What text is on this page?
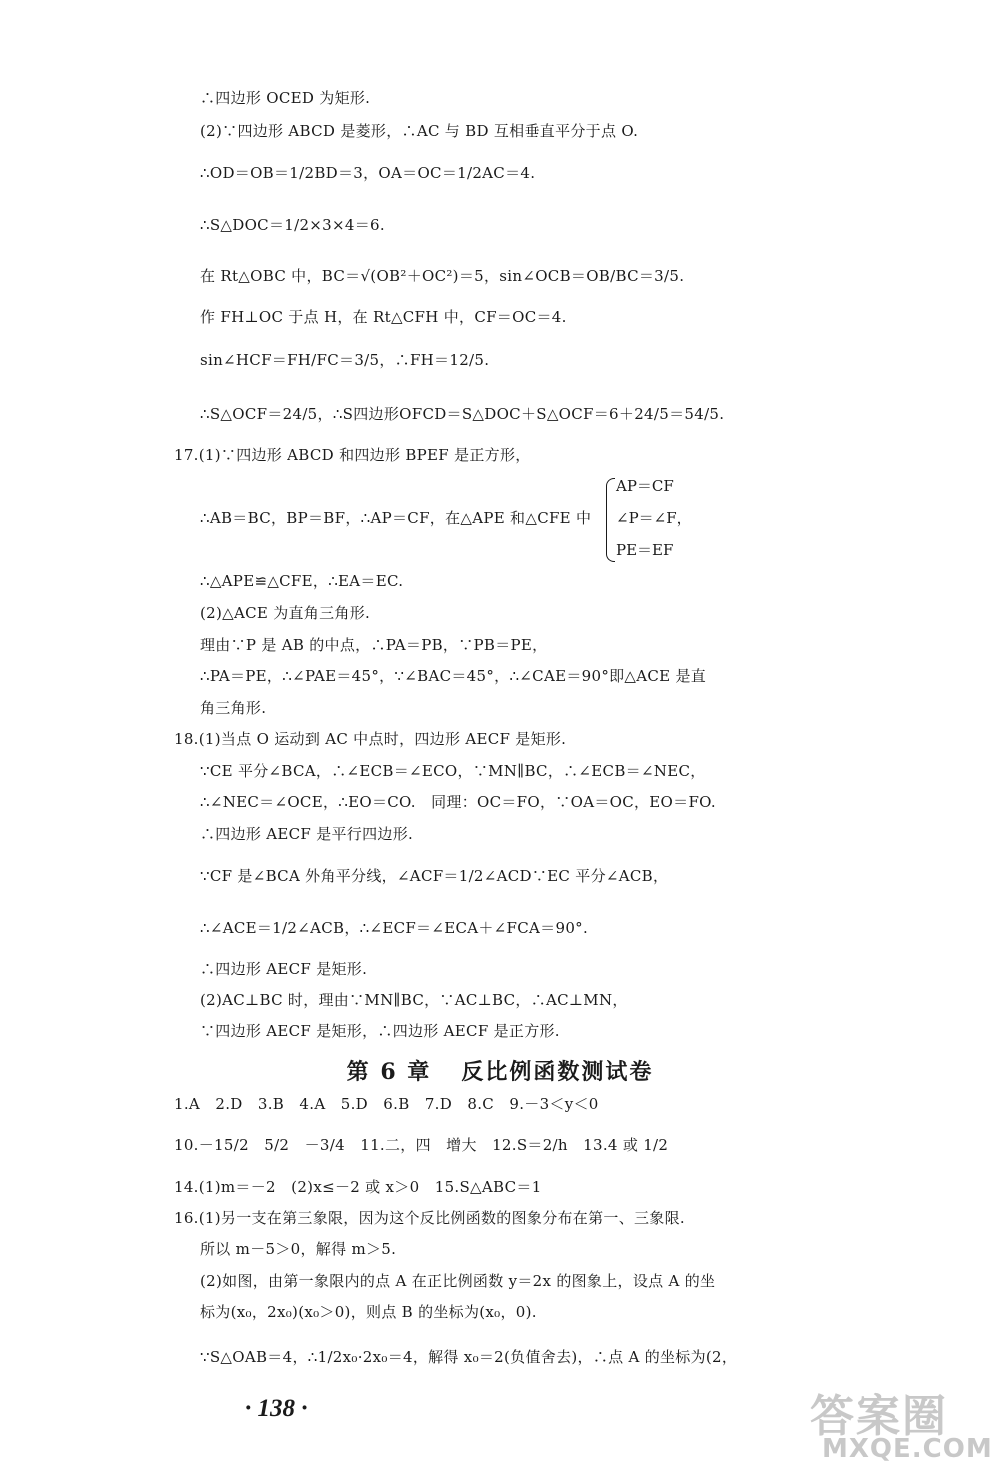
∴四边形 OCED 为矩形.
(2)∵四边形 ABCD 是菱形，∴AC 与 BD 互相垂直平分于点 O.
∴OD＝OB＝1/2BD＝3，OA＝OC＝1/2AC＝4.
∴S△DOC＝1/2×3×4＝6.
在 Rt△OBC 中，BC＝√(OB²＋OC²)＝5，sin∠OCB＝OB/BC＝3/5.
作 FH⊥OC 于点 H，在 Rt△CFH 中，CF＝OC＝4.
sin∠HCF＝FH/FC＝3/5，∴FH＝12/5.
∴S△OCF＝24/5，∴S四边形OFCD＝S△DOC＋S△OCF＝6＋24/5＝54/5.
17.(1)∵四边形 ABCD 和四边形 BPEF 是正方形，
∴AB＝BC，BP＝BF，∴AP＝CF，在△APE 和△CFE 中
AP＝CF
∠P＝∠F，
PE＝EF
∴△APE≌△CFE，∴EA＝EC.
(2)△ACE 为直角三角形.
理由∵P 是 AB 的中点，∴PA＝PB，∵PB＝PE，
∴PA＝PE，∴∠PAE＝45°，∵∠BAC＝45°，∴∠CAE＝90°即△ACE 是直
角三角形.
18.(1)当点 O 运动到 AC 中点时，四边形 AECF 是矩形.
∵CE 平分∠BCA，∴∠ECB＝∠ECO，∵MN∥BC，∴∠ECB＝∠NEC，
∴∠NEC＝∠OCE，∴EO＝CO.　同理：OC＝FO，∵OA＝OC，EO＝FO.
∴四边形 AECF 是平行四边形.
∵CF 是∠BCA 外角平分线，∠ACF＝1/2∠ACD∵EC 平分∠ACB，
∴∠ACE＝1/2∠ACB，∴∠ECF＝∠ECA＋∠FCA＝90°.
∴四边形 AECF 是矩形.
(2)AC⊥BC 时，理由∵MN∥BC，∵AC⊥BC，∴AC⊥MN，
∵四边形 AECF 是矩形，∴四边形 AECF 是正方形.
第 6 章 反比例函数测试卷
1.A　2.D　3.B　4.A　5.D　6.B　7.D　8.C　9.－3＜y＜0
10.－15/2　5/2　－3/4　11.二，四　增大　12.S＝2/h　13.4 或 1/2
14.(1)m＝－2　(2)x≤－2 或 x＞0　15.S△ABC＝1
16.(1)另一支在第三象限，因为这个反比例函数的图象分布在第一、三象限.
所以 m－5＞0，解得 m＞5.
(2)如图，由第一象限内的点 A 在正比例函数 y＝2x 的图象上，设点 A 的坐
标为(x₀，2x₀)(x₀＞0)，则点 B 的坐标为(x₀，0).
∵S△OAB＝4，∴1/2x₀·2x₀＝4，解得 x₀＝2(负值舍去)，∴点 A 的坐标为(2，
· 138 ·	答案圈
MXQE.COM
